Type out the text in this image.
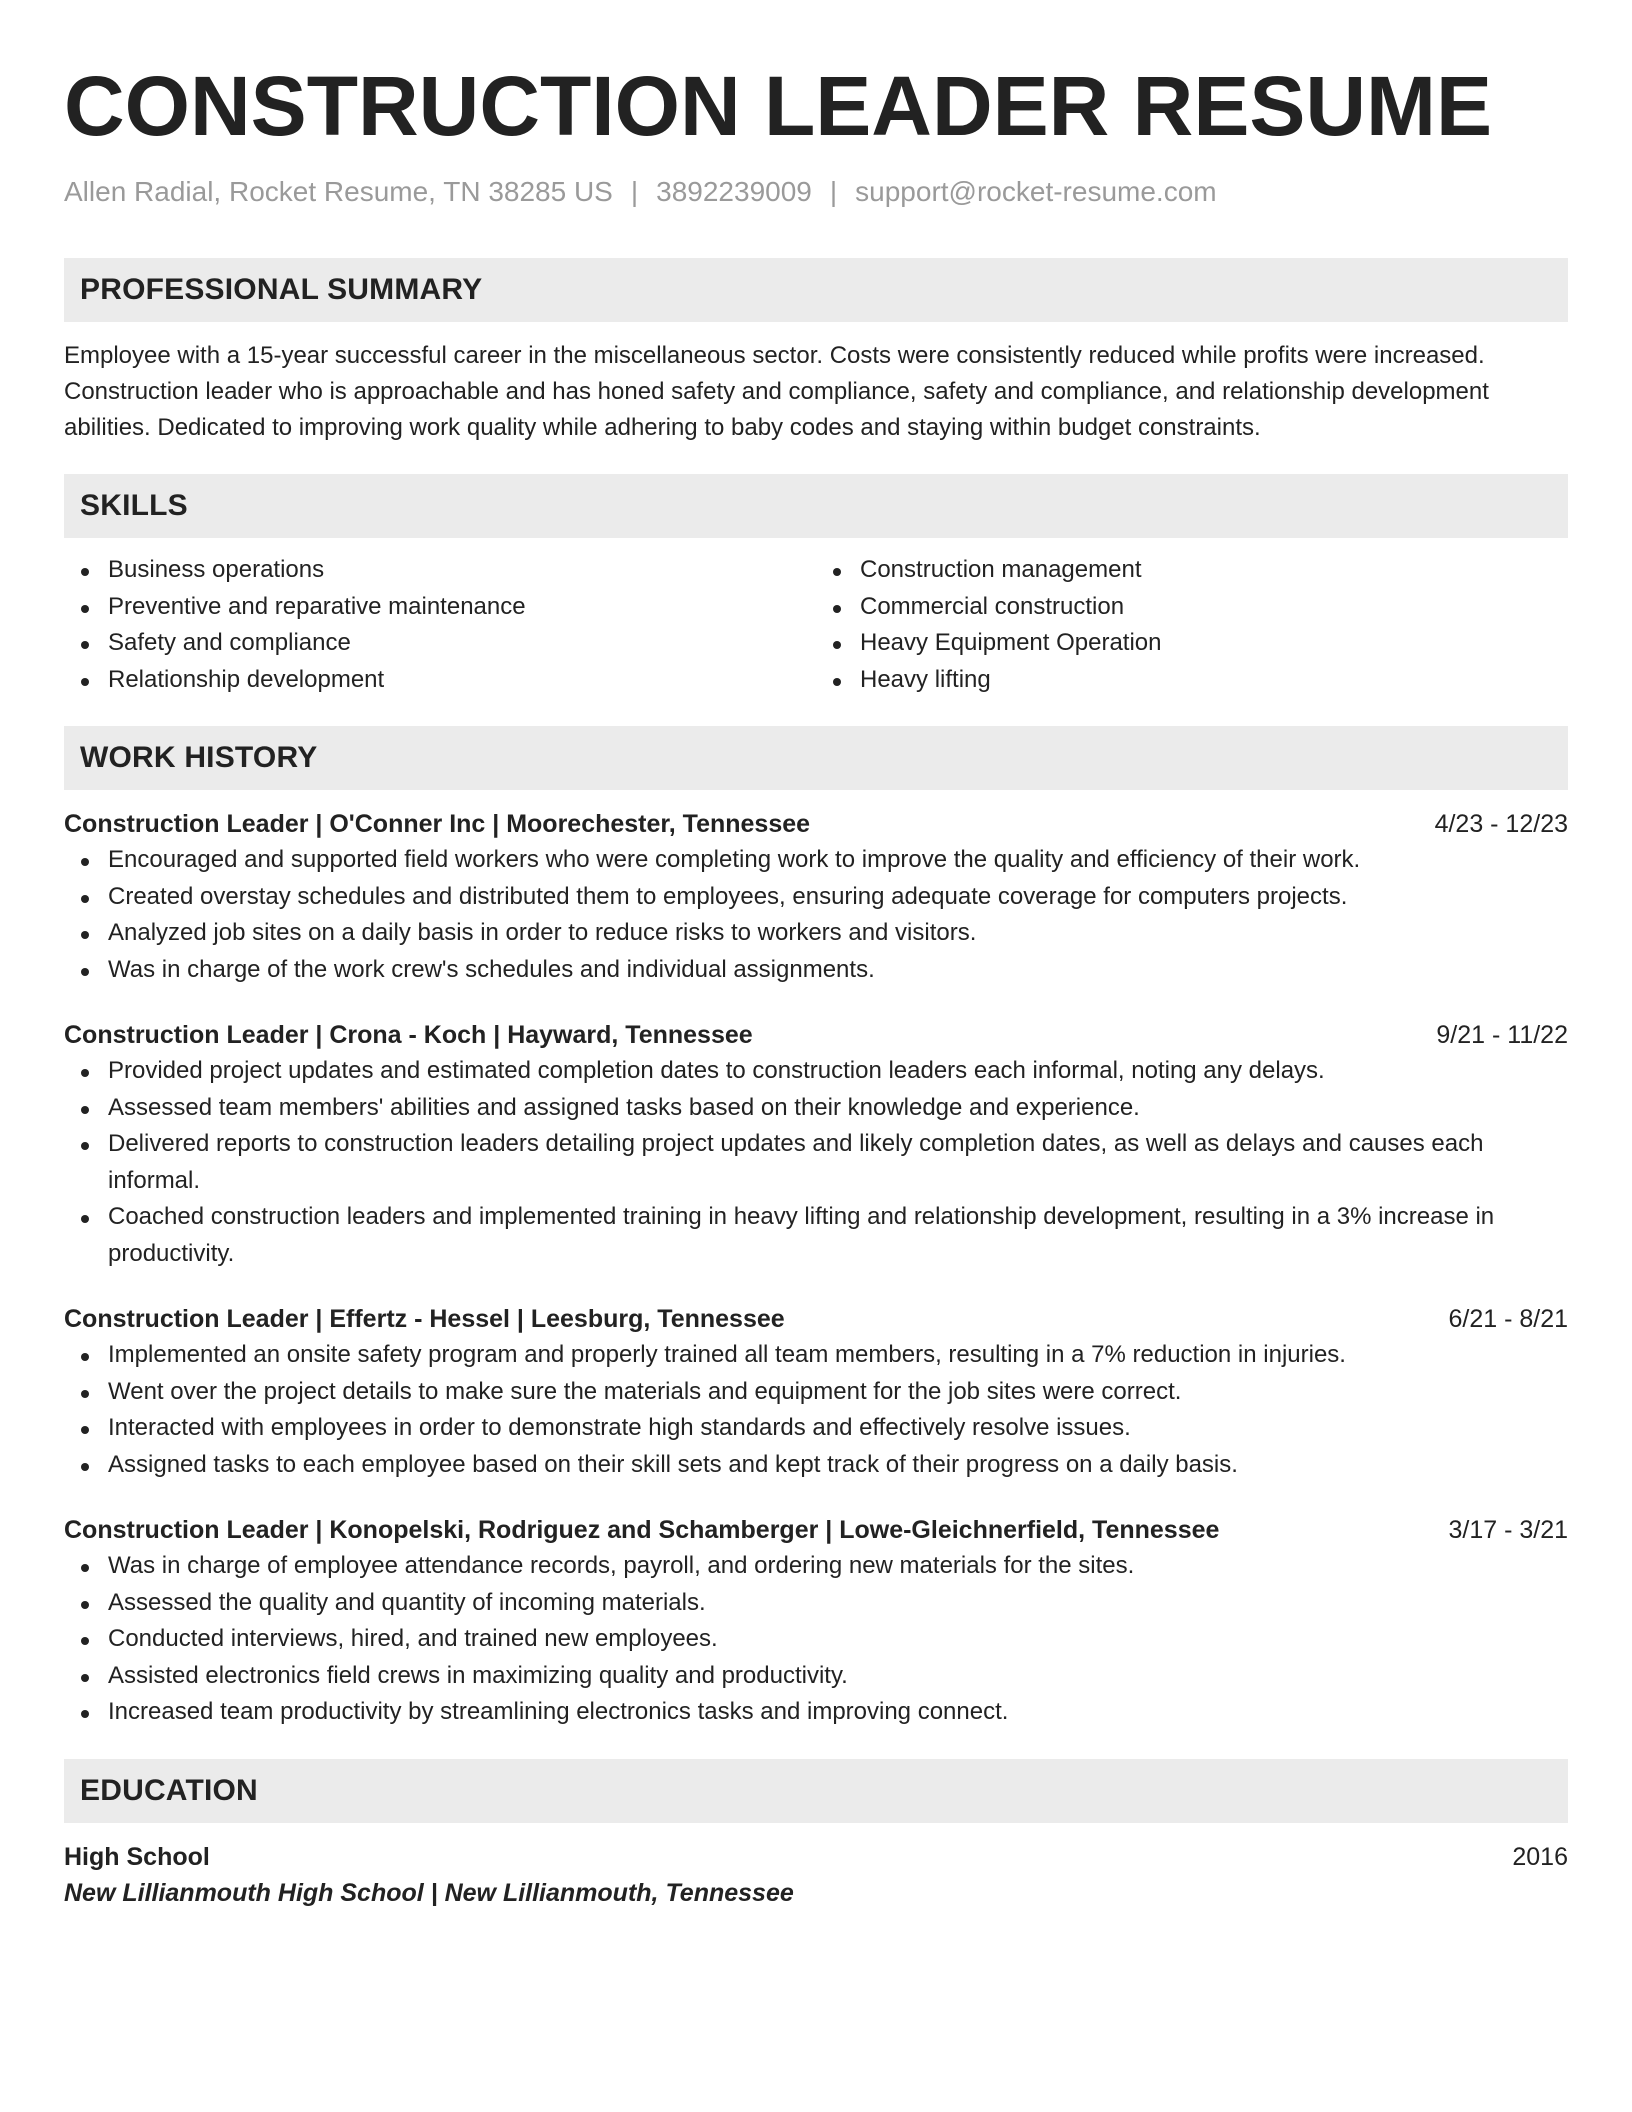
CONSTRUCTION LEADER RESUME
Allen Radial, Rocket Resume, TN 38285 US | 3892239009 | support@rocket-resume.com
PROFESSIONAL SUMMARY
Employee with a 15-year successful career in the miscellaneous sector. Costs were consistently reduced while profits were increased. Construction leader who is approachable and has honed safety and compliance, safety and compliance, and relationship development abilities. Dedicated to improving work quality while adhering to baby codes and staying within budget constraints.
SKILLS
Business operations
Preventive and reparative maintenance
Safety and compliance
Relationship development
Construction management
Commercial construction
Heavy Equipment Operation
Heavy lifting
WORK HISTORY
Construction Leader | O'Conner Inc | Moorechester, Tennessee	4/23 - 12/23
Encouraged and supported field workers who were completing work to improve the quality and efficiency of their work.
Created overstay schedules and distributed them to employees, ensuring adequate coverage for computers projects.
Analyzed job sites on a daily basis in order to reduce risks to workers and visitors.
Was in charge of the work crew's schedules and individual assignments.
Construction Leader | Crona - Koch | Hayward, Tennessee	9/21 - 11/22
Provided project updates and estimated completion dates to construction leaders each informal, noting any delays.
Assessed team members' abilities and assigned tasks based on their knowledge and experience.
Delivered reports to construction leaders detailing project updates and likely completion dates, as well as delays and causes each informal.
Coached construction leaders and implemented training in heavy lifting and relationship development, resulting in a 3% increase in productivity.
Construction Leader | Effertz - Hessel | Leesburg, Tennessee	6/21 - 8/21
Implemented an onsite safety program and properly trained all team members, resulting in a 7% reduction in injuries.
Went over the project details to make sure the materials and equipment for the job sites were correct.
Interacted with employees in order to demonstrate high standards and effectively resolve issues.
Assigned tasks to each employee based on their skill sets and kept track of their progress on a daily basis.
Construction Leader | Konopelski, Rodriguez and Schamberger | Lowe-Gleichnerfield, Tennessee	3/17 - 3/21
Was in charge of employee attendance records, payroll, and ordering new materials for the sites.
Assessed the quality and quantity of incoming materials.
Conducted interviews, hired, and trained new employees.
Assisted electronics field crews in maximizing quality and productivity.
Increased team productivity by streamlining electronics tasks and improving connect.
EDUCATION
High School	2016
New Lillianmouth High School | New Lillianmouth, Tennessee
